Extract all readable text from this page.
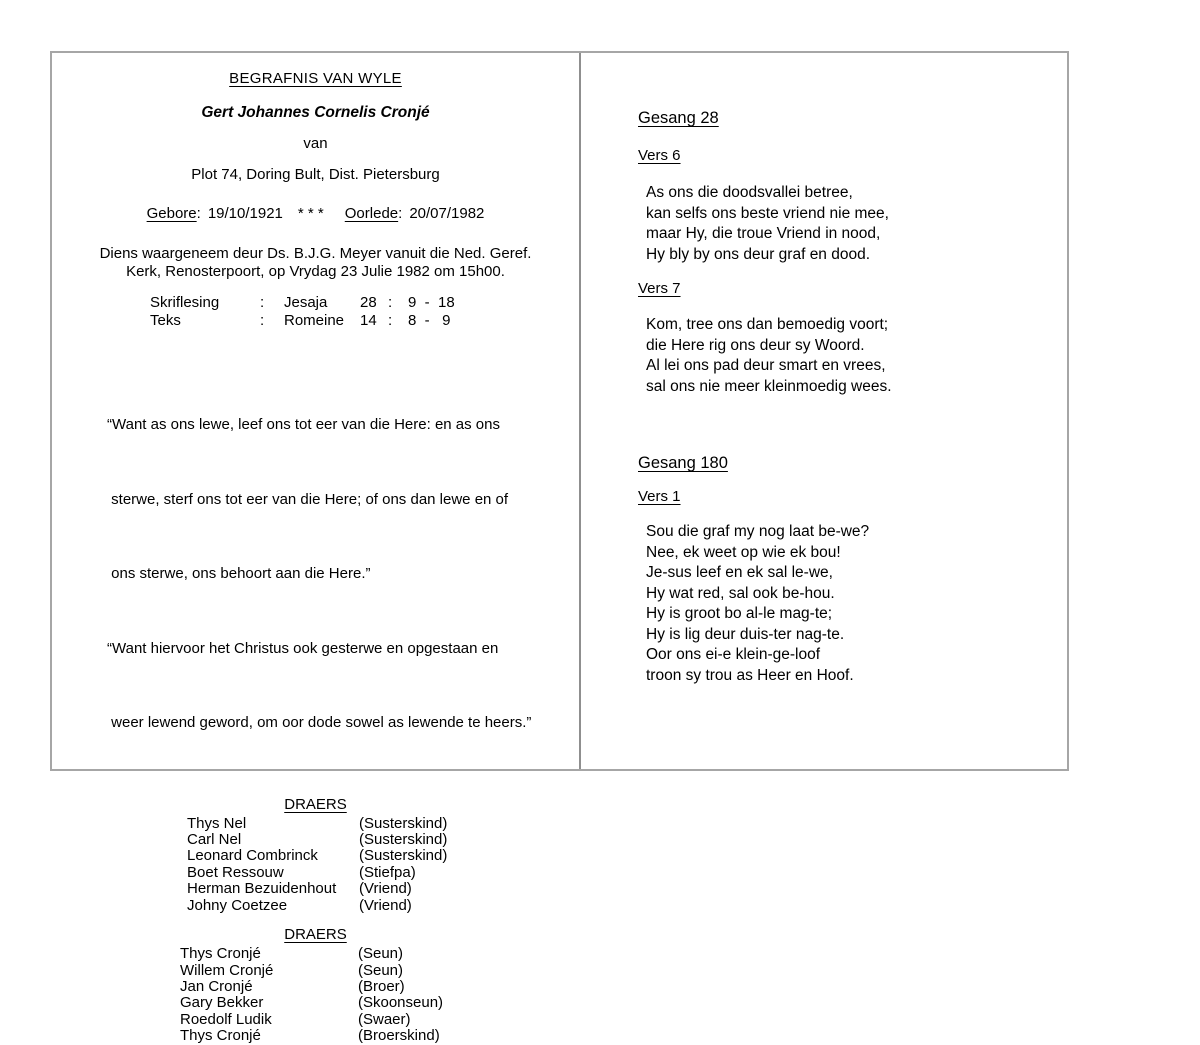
BEGRAFNIS VAN WYLE
Gert Johannes Cornelis Cronjé
van
Plot 74, Doring Bult, Dist. Pietersburg
Gebore: 19/10/1921 * * * Oorlede: 20/07/1982
Diens waargeneem deur Ds. B.J.G. Meyer vanuit die Ned. Geref.
Kerk, Renosterpoort, op Vrydag 23 Julie 1982 om 15h00.
Skriflesing	:	Jesaja	28 :	9  -  18
Teks	:	Romeine	14 :	8  -   9

“Want as ons lewe, leef ons tot eer van die Here: en as ons

sterwe, sterf ons tot eer van die Here; of ons dan lewe en of

ons sterwe, ons behoort aan die Here.”

“Want hiervoor het Christus ook gesterwe en opgestaan en

weer lewend geword, om oor dode sowel as lewende te heers.”

DRAERS
Thys Nel	(Susterskind)
Carl Nel	(Susterskind)
Leonard Combrinck	(Susterskind)
Boet Ressouw	(Stiefpa)
Herman Bezuidenhout	(Vriend)
Johny Coetzee	(Vriend)
DRAERS
Thys Cronjé	(Seun)
Willem Cronjé	(Seun)
Jan Cronjé	(Broer)
Gary Bekker	(Skoonseun)
Roedolf Ludik	(Swaer)
Thys Cronjé	(Broerskind)
Gesang 28
Vers 6
As ons die doodsvallei betree,
kan selfs ons beste vriend nie mee,
maar Hy, die troue Vriend in nood,
Hy bly by ons deur graf en dood.
Vers 7
Kom, tree ons dan bemoedig voort;
die Here rig ons deur sy Woord.
Al lei ons pad deur smart en vrees,
sal ons nie meer kleinmoedig wees.
Gesang 180
Vers 1
Sou die graf my nog laat be-we?
Nee, ek weet op wie ek bou!
Je-sus leef en ek sal le-we,
Hy wat red, sal ook be-hou.
Hy is groot bo al-le mag-te;
Hy is lig deur duis-ter nag-te.
Oor ons ei-e klein-ge-loof
troon sy trou as Heer en Hoof.
